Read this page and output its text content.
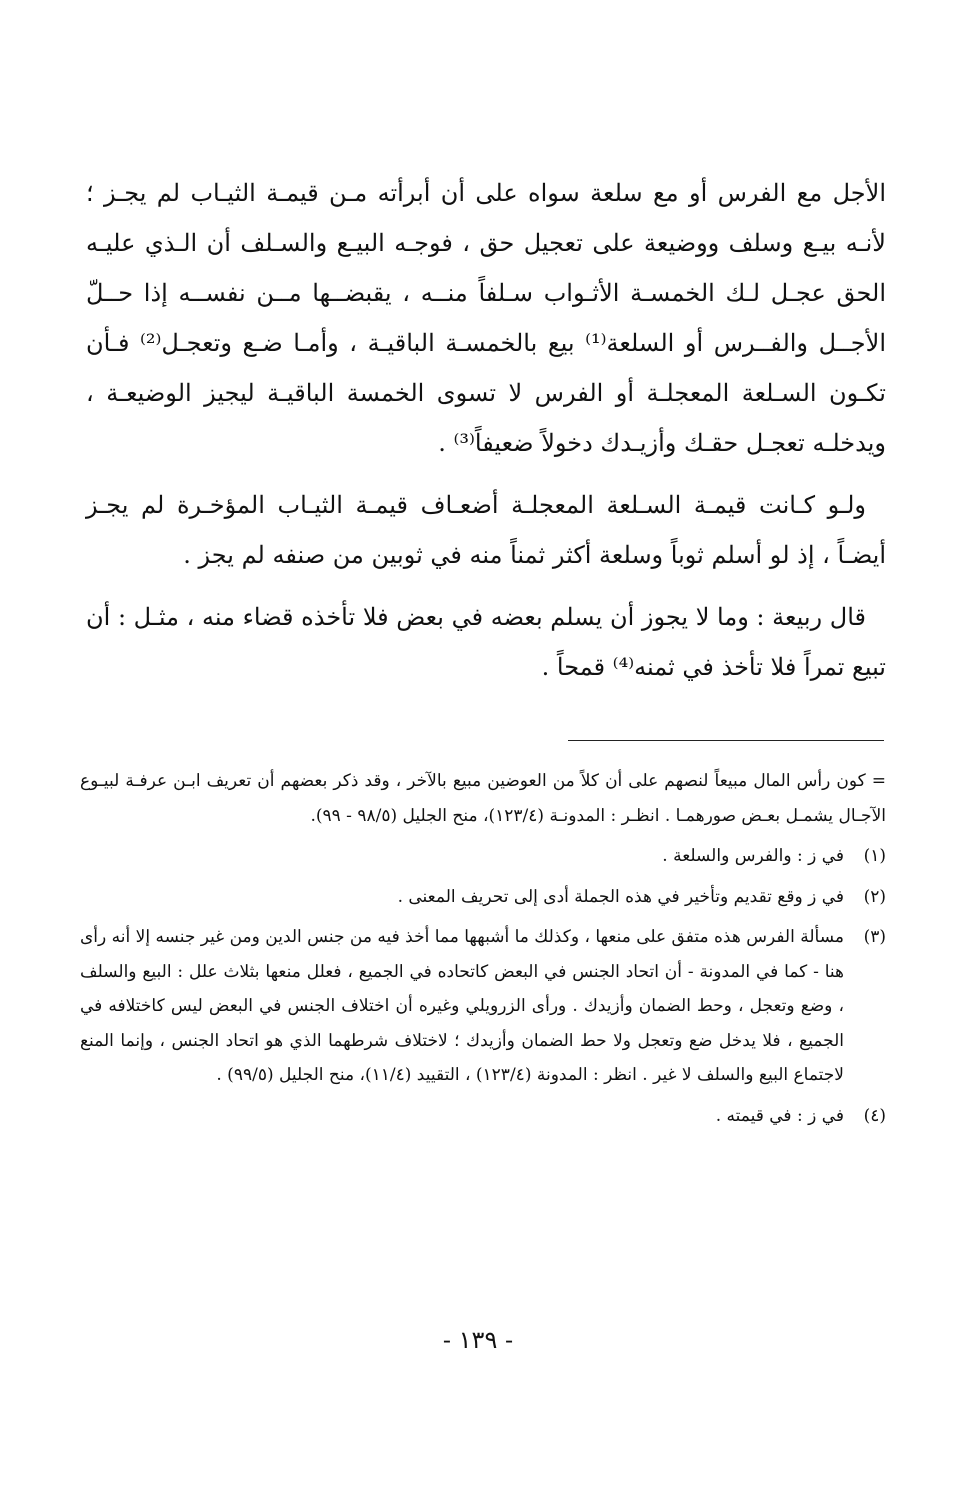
الأجل مع الفرس أو مع سلعة سواه على أن أبرأته مـن قيمـة الثيـاب لم يجـز ؛ لأنـه بيـع وسلف ووضيعة على تعجيل حق ، فوجـه البيـع والسـلف أن الـذي عليـه الحق عجـل لـك الخمسـة الأثـواب سـلفاً منــه ، يقبضــها مــن نفســه إذا حــلّ الأجــل والفــرس أو السلعة⁽¹⁾ بيع بالخمسـة الباقيـة ، وأمـا ضـع وتعجـل⁽²⁾ فـأن تكـون السـلعة المعجلـة أو الفرس لا تسوى الخمسة الباقيـة ليجيز الوضيعـة ، ويدخلـه تعجـل حقـك وأزيـدك دخولاً ضعيفاً⁽³⁾ .

ولـو كـانت قيمـة السـلعة المعجلـة أضعـاف قيمـة الثيـاب المؤخـرة لم يجـز أيضـاً ، إذ لو أسلم ثوباً وسلعة أكثر ثمناً منه في ثوبين من صنفه لم يجز .

قال ربيعة : وما لا يجوز أن يسلم بعضه في بعض فلا تأخذه قضاء منه ، مثـل : أن تبيع تمراً فلا تأخذ في ثمنه⁽⁴⁾ قمحاً .

= كون رأس المال مبيعاً لنصهم على أن كلاً من العوضين مبيع بالآخر ، وقد ذكر بعضهم أن تعريف ابـن عرفـة لبيـوع الآجـال يشمـل بعـض صورهمـا . انظـر : المدونـة (١٢٣/٤)، منح الجليل (٩٨/٥ - ٩٩).
(١)
في ز : والفرس والسلعة .
(٢)
في ز وقع تقديم وتأخير في هذه الجملة أدى إلى تحريف المعنى .
(٣)
مسألة الفرس هذه متفق على منعها ، وكذلك ما أشبهها مما أخذ فيه من جنس الدين ومن غير جنسه إلا أنه رأى هنا - كما في المدونة - أن اتحاد الجنس في البعض كاتحاده في الجميع ، فعلل منعها بثلاث علل : البيع والسلف ، وضع وتعجل ، وحط الضمان وأزيدك . ورأى الزرويلي وغيره أن اختلاف الجنس في البعض ليس كاختلافه في الجميع ، فلا يدخل ضع وتعجل ولا حط الضمان وأزيدك ؛ لاختلاف شرطهما الذي هو اتحاد الجنس ، وإنما المنع لاجتماع البيع والسلف لا غير . انظر : المدونة (١٢٣/٤) ، التقييد (١١/٤)، منح الجليل (٩٩/٥) .
(٤)
في ز : في قيمته .
- ١٣٩ -
